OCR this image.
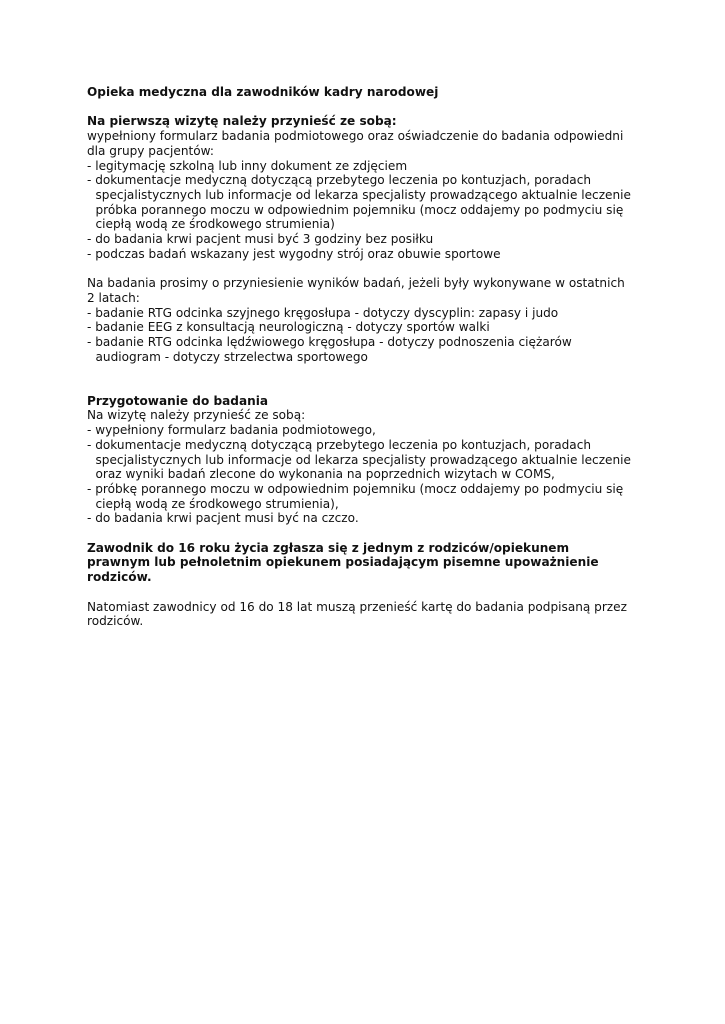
Opieka medyczna dla zawodników kadry narodowej

Na pierwszą wizytę należy przynieść ze sobą:

wypełniony formularz badania podmiotowego oraz oświadczenie do badania odpowiedni

dla grupy pacjentów:

- legitymację szkolną lub inny dokument ze zdjęciem

- dokumentacje medyczną dotyczącą przebytego leczenia po kontuzjach, poradach

specjalistycznych lub informacje od lekarza specjalisty prowadzącego aktualnie leczenie

próbka porannego moczu w odpowiednim pojemniku (mocz oddajemy po podmyciu się

ciepłą wodą ze środkowego strumienia)

- do badania krwi pacjent musi być 3 godziny bez posiłku

- podczas badań wskazany jest wygodny strój oraz obuwie sportowe

Na badania prosimy o przyniesienie wyników badań, jeżeli były wykonywane w ostatnich

2 latach:

- badanie RTG odcinka szyjnego kręgosłupa - dotyczy dyscyplin: zapasy i judo

- badanie EEG z konsultacją neurologiczną - dotyczy sportów walki

- badanie RTG odcinka lędźwiowego kręgosłupa - dotyczy podnoszenia ciężarów

audiogram - dotyczy strzelectwa sportowego

Przygotowanie do badania

Na wizytę należy przynieść ze sobą:

- wypełniony formularz badania podmiotowego,

- dokumentacje medyczną dotyczącą przebytego leczenia po kontuzjach, poradach

specjalistycznych lub informacje od lekarza specjalisty prowadzącego aktualnie leczenie

oraz wyniki badań zlecone do wykonania na poprzednich wizytach w COMS,

- próbkę porannego moczu w odpowiednim pojemniku (mocz oddajemy po podmyciu się

ciepłą wodą ze środkowego strumienia),

- do badania krwi pacjent musi być na czczo.

Zawodnik do 16 roku życia zgłasza się z jednym z rodziców/opiekunem

prawnym lub pełnoletnim opiekunem posiadającym pisemne upoważnienie

rodziców.

Natomiast zawodnicy od 16 do 18 lat muszą przenieść kartę do badania podpisaną przez

rodziców.
